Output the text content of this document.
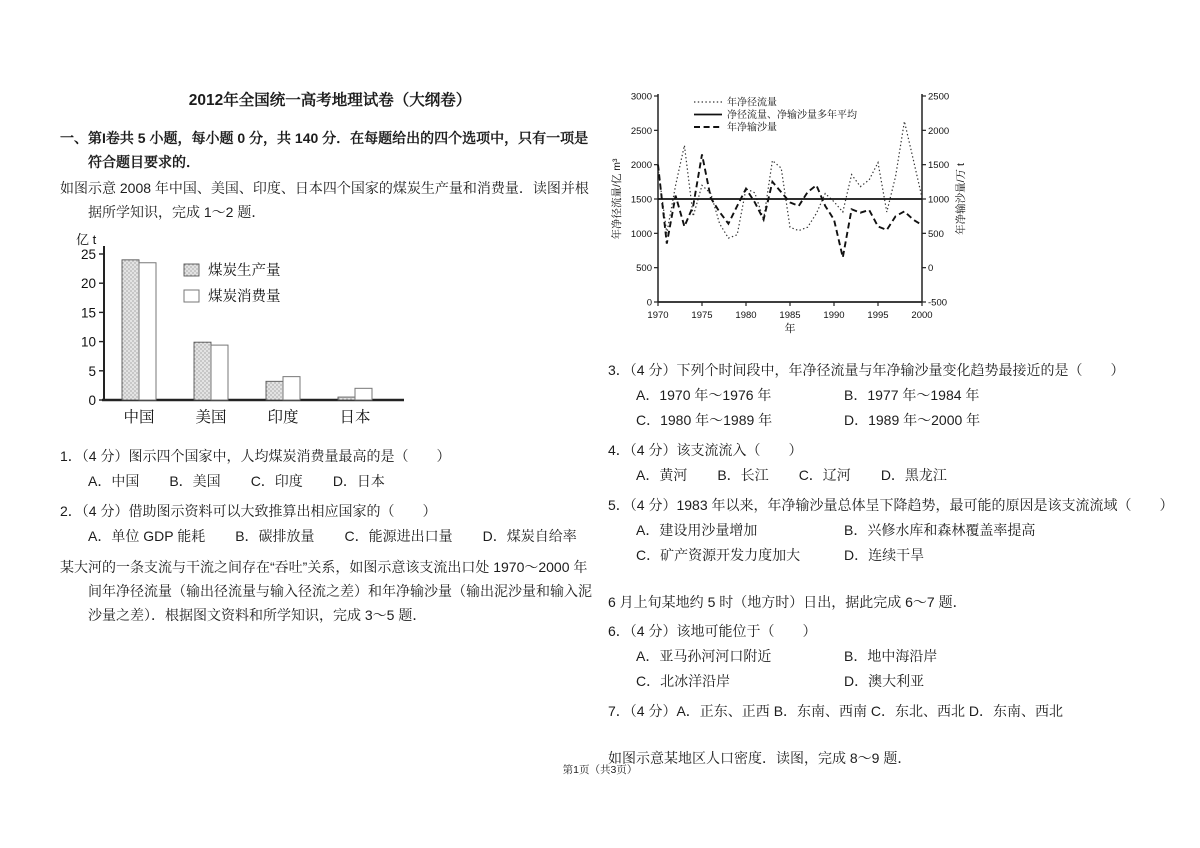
2012年全国统一高考地理试卷（大纲卷）

一、第I卷共 5 小题，每小题 0 分，共 140 分．在每题给出的四个选项中，只有一项是符合题目要求的．

如图示意 2008 年中国、美国、印度、日本四个国家的煤炭生产量和消费量．读图并根据所学知识，完成 1～2 题．

亿 t
0
5
10
15
20
25
中国	美国	印度	日本
煤炭生产量
煤炭消费量
1．（4 分）图示四个国家中，人均煤炭消费量最高的是（　　）
A．中国 B．美国 C．印度 D．日本
2．（4 分）借助图示资料可以大致推算出相应国家的（　　）
A．单位 GDP 能耗 B．碳排放量 C．能源进出口量 D．煤炭自给率

某大河的一条支流与干流之间存在“吞吐”关系，如图示意该支流出口处 1970～2000 年间年净径流量（输出径流量与输入径流之差）和年净输沙量（输出泥沙量和输入泥沙量之差）．根据图文资料和所学知识，完成 3～5 题．

0
500
1000
1500
2000
2500
3000
-500
0
500
1000
1500
2000
2500
1970 1975 1980 1985 1990 1995 2000
年
年净径流量/亿 m³	年净输沙量/万 t
年净径流量
净径流量、净输沙量多年平均
年净输沙量
3．（4 分）下列个时间段中，年净径流量与年净输沙量变化趋势最接近的是（　　）
A．1970 年～1976 年	B．1977 年～1984 年
C．1980 年～1989 年	D．1989 年～2000 年
4．（4 分）该支流流入（　　）
A．黄河 B．长江 C．辽河 D．黑龙江
5．（4 分）1983 年以来，年净输沙量总体呈下降趋势，最可能的原因是该支流流域（　　）
A．建设用沙量增加	B．兴修水库和森林覆盖率提高
C．矿产资源开发力度加大	D．连续干旱

6 月上旬某地约 5 时（地方时）日出，据此完成 6～7 题．

6．（4 分）该地可能位于（　　）
A．亚马孙河河口附近	B．地中海沿岸
C．北冰洋沿岸	D．澳大利亚
7．（4 分）A．正东、正西 B．东南、西南 C．东北、西北 D．东南、西北

如图示意某地区人口密度．读图，完成 8～9 题．

第1页（共3页）
